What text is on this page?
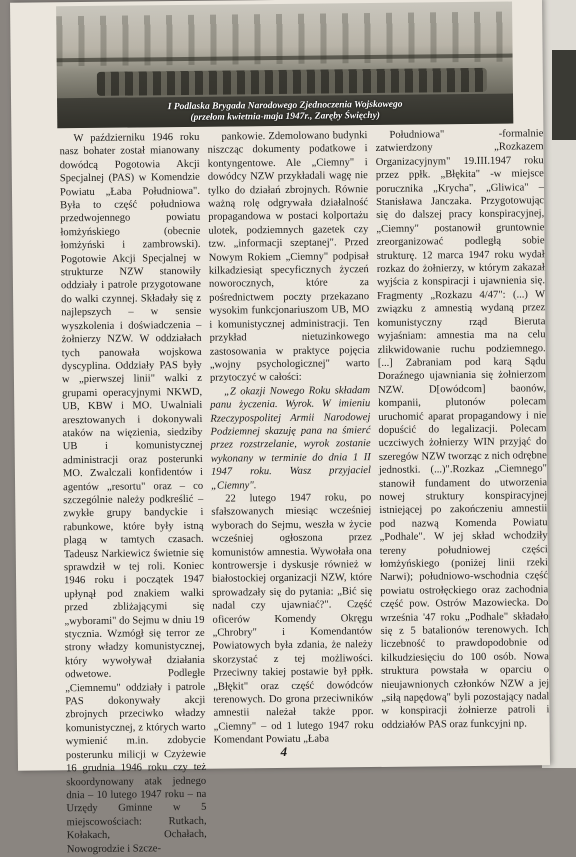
I Podlaska Brygada Narodowego Zjednoczenia Wojskowego
(przełom kwietnia-maja 1947r., Zaręby Święchy)

W październiku 1946 roku nasz bohater został mianowany dowódcą Pogotowia Akcji Specjalnej (PAS) w Komendzie Powiatu „Łaba Południowa". Była to część południowa przedwojennego powiatu łomżyńskiego (obecnie łomżyński i zambrowski). Pogotowie Akcji Specjalnej w strukturze NZW stanowiły oddziały i patrole przygotowane do walki czynnej. Składały się z najlepszych – w sensie wyszkolenia i doświadczenia – żołnierzy NZW. W oddziałach tych panowała wojskowa dyscyplina. Oddziały PAS były w „pierwszej linii" walki z grupami operacyjnymi NKWD, UB, KBW i MO. Uwalniali aresztowanych i dokonywali ataków na więzienia, siedziby UB i komunistycznej administracji oraz posterunki MO. Zwalczali konfidentów i agentów „resortu" oraz – co szczególnie należy podkreślić – zwykłe grupy bandyckie i rabunkowe, które były istną plagą w tamtych czasach. Tadeusz Narkiewicz świetnie się sprawdził w tej roli. Koniec 1946 roku i początek 1947 upłynął pod znakiem walki przed zbliżającymi się „wyborami" do Sejmu w dniu 19 stycznia. Wzmógł się terror ze strony władzy komunistycznej, który wywoływał działania odwetowe. Podległe „Ciemnemu" oddziały i patrole PAS dokonywały akcji zbrojnych przeciwko władzy komunistycznej, z których warto wymienić m.in. zdobycie posterunku milicji w Czyżewie 16 grudnia 1946 roku czy też skoordynowany atak jednego dnia – 10 lutego 1947 roku – na Urzędy Gminne w 5 miejscowościach: Rutkach, Kołakach, Ochałach, Nowogrodzie i Szcze-

pankowie. Zdemolowano budynki niszcząc dokumenty podatkowe i kontyngentowe. Ale „Ciemny" i dowódcy NZW przykładali wagę nie tylko do działań zbrojnych. Równie ważną rolę odgrywała działalność propagandowa w postaci kolportażu ulotek, podziemnych gazetek czy tzw. „informacji szeptanej". Przed Nowym Rokiem „Ciemny" podpisał kilkadziesiąt specyficznych życzeń noworocznych, które za pośrednictwem poczty przekazano wysokim funkcjonariuszom UB, MO i komunistycznej administracji. Ten przykład nietuzinkowego zastosowania w praktyce pojęcia „wojny psychologicznej" warto przytoczyć w całości:

„Z okazji Nowego Roku składam panu życzenia. Wyrok. W imieniu Rzeczypospolitej Armii Narodowej Podziemnej skazuję pana na śmierć przez rozstrzelanie, wyrok zostanie wykonany w terminie do dnia 1 II 1947 roku. Wasz przyjaciel „Ciemny".

22 lutego 1947 roku, po sfałszowanych miesiąc wcześniej wyborach do Sejmu, weszła w życie wcześniej ogłoszona przez komunistów amnestia. Wywołała ona kontrowersje i dyskusje również w białostockiej organizacji NZW, które sprowadzały się do pytania: „Bić się nadal czy ujawniać?". Część oficerów Komendy Okręgu „Chrobry" i Komendantów Powiatowych była zdania, że należy skorzystać z tej możliwości. Przeciwny takiej postawie był ppłk. „Błękit" oraz część dowódców terenowych. Do grona przeciwników amnestii należał także ppor. „Ciemny" – od 1 lutego 1947 roku Komendant Powiatu „Łaba

Południowa" -formalnie zatwierdzony „Rozkazem Organizacyjnym" 19.III.1947 roku przez ppłk. „Błękita" -w miejsce porucznika „Krycha", „Gliwica" – Stanisława Janczaka. Przygotowując się do dalszej pracy konspiracyjnej, „Ciemny" postanowił gruntownie zreorganizować podległą sobie strukturę. 12 marca 1947 roku wydał rozkaz do żołnierzy, w którym zakazał wyjścia z konspiracji i ujawnienia się. Fragmenty „Rozkazu 4/47": (...) W związku z amnestią wydaną przez komunistyczny rząd Bieruta wyjaśniam: amnestia ma na celu zlikwidowanie ruchu podziemnego. [...] Zabraniam pod karą Sądu Doraźnego ujawniania się żołnierzom NZW. D[owódcom] baonów, kompanii, plutonów polecam uruchomić aparat propagandowy i nie dopuścić do legalizacji. Polecam uczciwych żołnierzy WIN przyjąć do szeregów NZW tworząc z nich odrębne jednostki. (...)".Rozkaz „Ciemnego" stanowił fundament do utworzenia nowej struktury konspiracyjnej istniejącej po zakończeniu amnestii pod nazwą Komenda Powiatu „Podhale". W jej skład wchodziły tereny południowej części łomżyńskiego (poniżej linii rzeki Narwi); południowo-wschodnia część powiatu ostrołęckiego oraz zachodnia część pow. Ostrów Mazowiecka. Do września '47 roku „Podhale" składało się z 5 batalionów terenowych. Ich liczebność to prawdopodobnie od kilkudziesięciu do 100 osób. Nowa struktura powstała w oparciu o nieujawnionych członków NZW a jej „siłą napędową" byli pozostający nadal w konspiracji żołnierze patroli i oddziałów PAS oraz funkcyjni np.

4
